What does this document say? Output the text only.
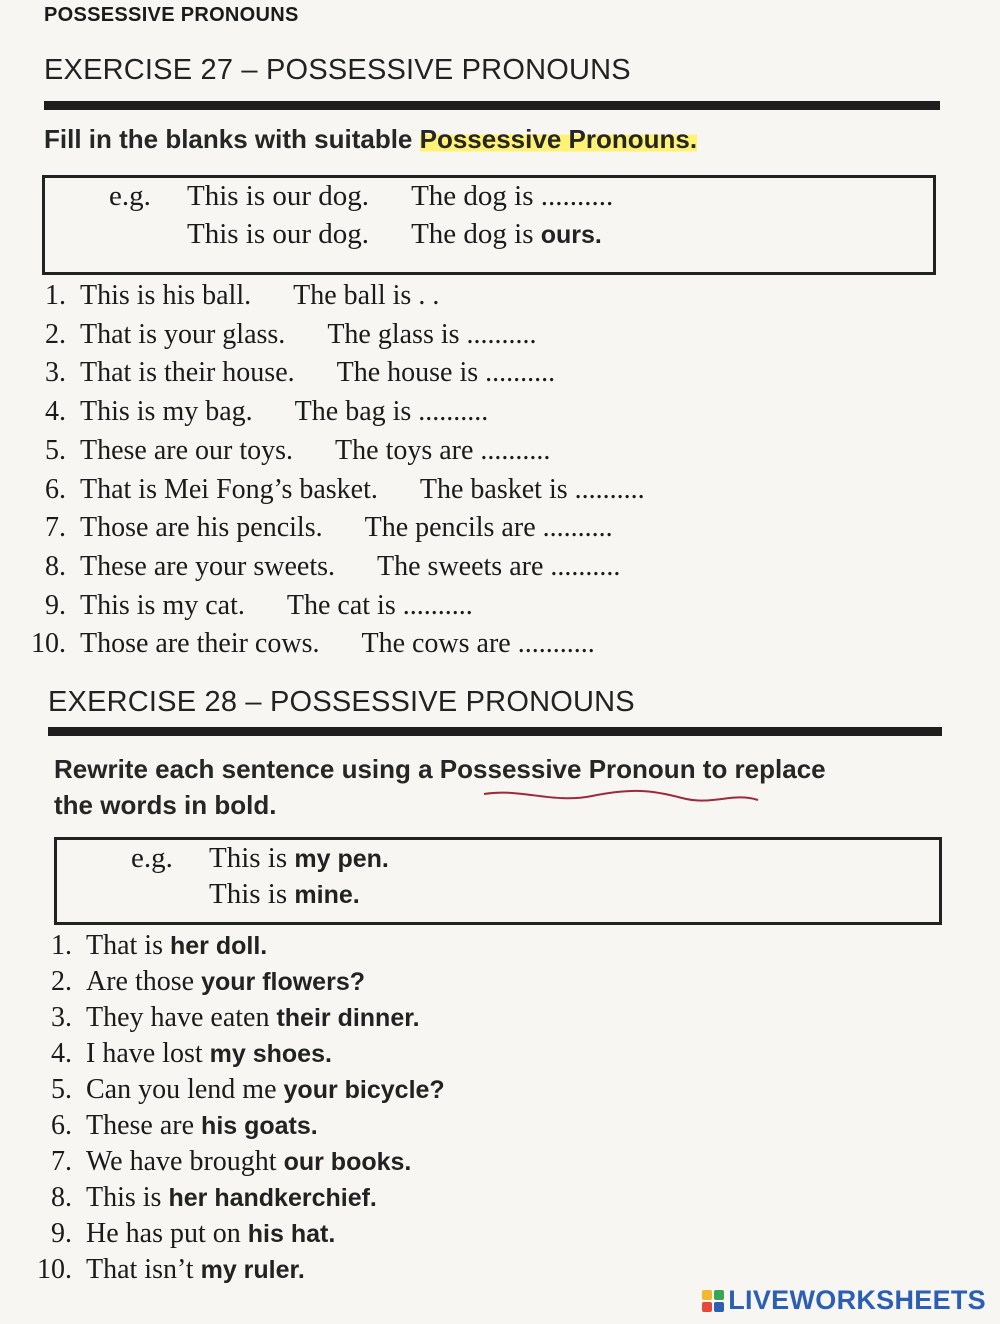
POSSESSIVE PRONOUNS
EXERCISE 27 – POSSESSIVE PRONOUNS
Fill in the blanks with suitable Possessive Pronouns.
e.g. This is our dog. The dog is ..........
This is our dog. The dog is ours.
1. This is his ball. The ball is . .
2. That is your glass. The glass is ..........
3. That is their house. The house is ..........
4. This is my bag. The bag is ..........
5. These are our toys. The toys are ..........
6. That is Mei Fong’s basket. The basket is ..........
7. Those are his pencils. The pencils are ..........
8. These are your sweets. The sweets are ..........
9. This is my cat. The cat is ..........
10. Those are their cows. The cows are ...........
EXERCISE 28 – POSSESSIVE PRONOUNS
Rewrite each sentence using a Possessive Pronoun to replace
the words in bold.
e.g. This is my pen.
This is mine.
1. That is her doll.
2. Are those your flowers?
3. They have eaten their dinner.
4. I have lost my shoes.
5. Can you lend me your bicycle?
6. These are his goats.
7. We have brought our books.
8. This is her handkerchief.
9. He has put on his hat.
10. That isn’t my ruler.
LIVEWORKSHEETS
